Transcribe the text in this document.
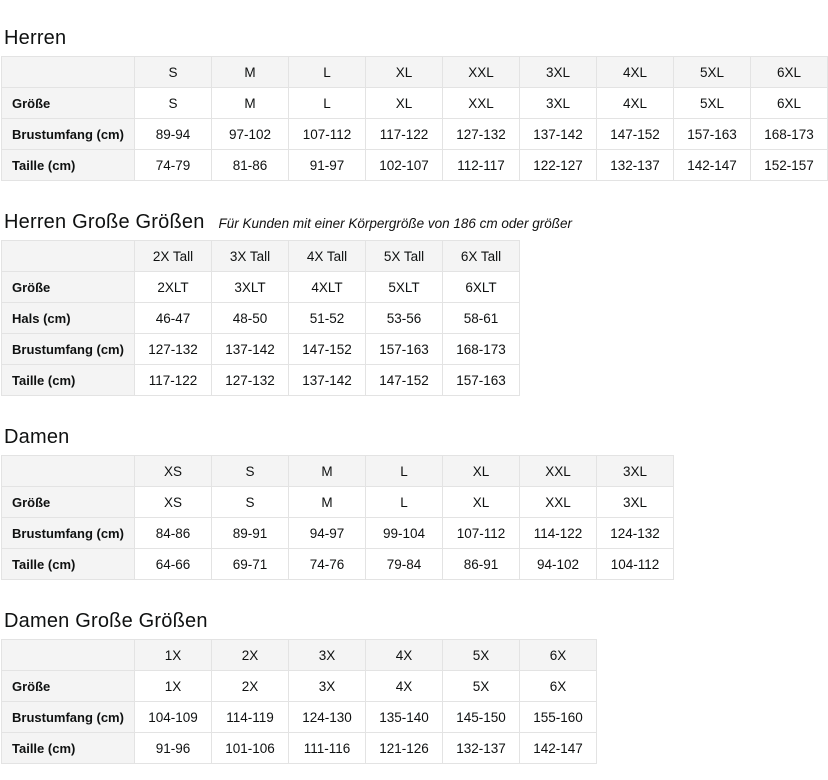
Herren
	S	M	L	XL	XXL	3XL	4XL	5XL	6XL
Größe	S	M	L	XL	XXL	3XL	4XL	5XL	6XL
Brustumfang (cm)	89-94	97-102	107-112	117-122	127-132	137-142	147-152	157-163	168-173
Taille (cm)	74-79	81-86	91-97	102-107	112-117	122-127	132-137	142-147	152-157
Herren Große Größen Für Kunden mit einer Körpergröße von 186 cm oder größer
	2X Tall	3X Tall	4X Tall	5X Tall	6X Tall
Größe	2XLT	3XLT	4XLT	5XLT	6XLT
Hals (cm)	46-47	48-50	51-52	53-56	58-61
Brustumfang (cm)	127-132	137-142	147-152	157-163	168-173
Taille (cm)	117-122	127-132	137-142	147-152	157-163
Damen
	XS	S	M	L	XL	XXL	3XL
Größe	XS	S	M	L	XL	XXL	3XL
Brustumfang (cm)	84-86	89-91	94-97	99-104	107-112	114-122	124-132
Taille (cm)	64-66	69-71	74-76	79-84	86-91	94-102	104-112
Damen Große Größen
	1X	2X	3X	4X	5X	6X
Größe	1X	2X	3X	4X	5X	6X
Brustumfang (cm)	104-109	114-119	124-130	135-140	145-150	155-160
Taille (cm)	91-96	101-106	111-116	121-126	132-137	142-147
